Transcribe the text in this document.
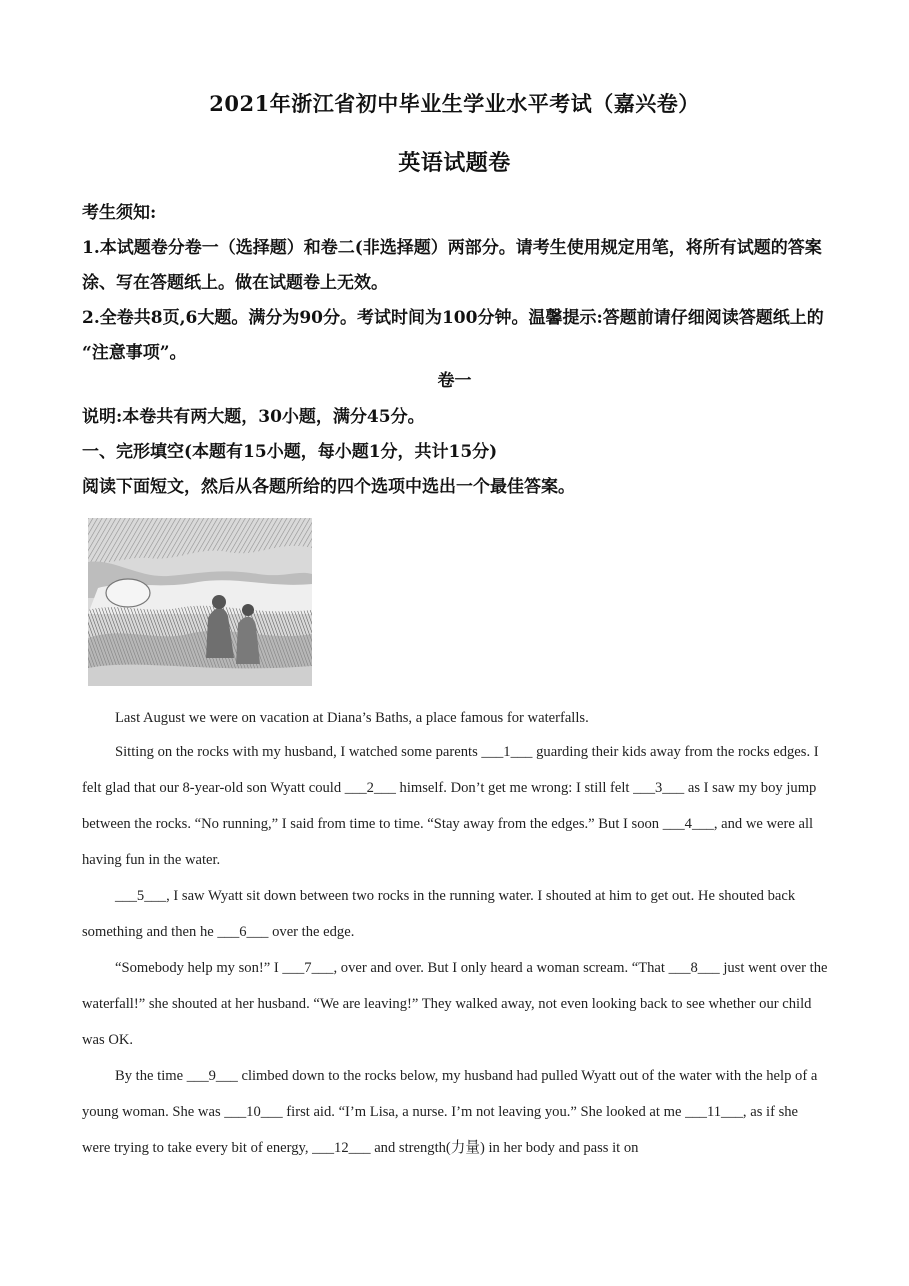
2021年浙江省初中毕业生学业水平考试（嘉兴卷）
英语试题卷

考生须知:

1.本试题卷分卷一（选择题）和卷二(非选择题）两部分。请考生使用规定用笔，将所有试题的答案涂、写在答题纸上。做在试题卷上无效。

2.全卷共8页,6大题。满分为90分。考试时间为100分钟。温馨提示:答题前请仔细阅读答题纸上的 “注意事项”。

卷一

说明:本卷共有两大题，30小题，满分45分。

一、完形填空(本题有15小题，每小题1分，共计15分)

阅读下面短文，然后从各题所给的四个选项中选出一个最佳答案。

Last August we were on vacation at Diana’s Baths, a place famous for waterfalls.

Sitting on the rocks with my husband, I watched some parents ___1___ guarding their kids away from the rocks edges. I felt glad that our 8-year-old son Wyatt could ___2___ himself. Don’t get me wrong: I still felt ___3___ as I saw my boy jump between the rocks. “No running,” I said from time to time. “Stay away from the edges.” But I soon ___4___, and we were all having fun in the water.

___5___, I saw Wyatt sit down between two rocks in the running water. I shouted at him to get out. He shouted back something and then he ___6___ over the edge.

“Somebody help my son!” I ___7___, over and over. But I only heard a woman scream. “That ___8___ just went over the waterfall!” she shouted at her husband. “We are leaving!” They walked away, not even looking back to see whether our child was OK.

By the time ___9___ climbed down to the rocks below, my husband had pulled Wyatt out of the water with the help of a young woman. She was ___10___ first aid. “I’m Lisa, a nurse. I’m not leaving you.” She looked at me ___11___, as if she were trying to take every bit of energy, ___12___ and strength(力量) in her body and pass it on
